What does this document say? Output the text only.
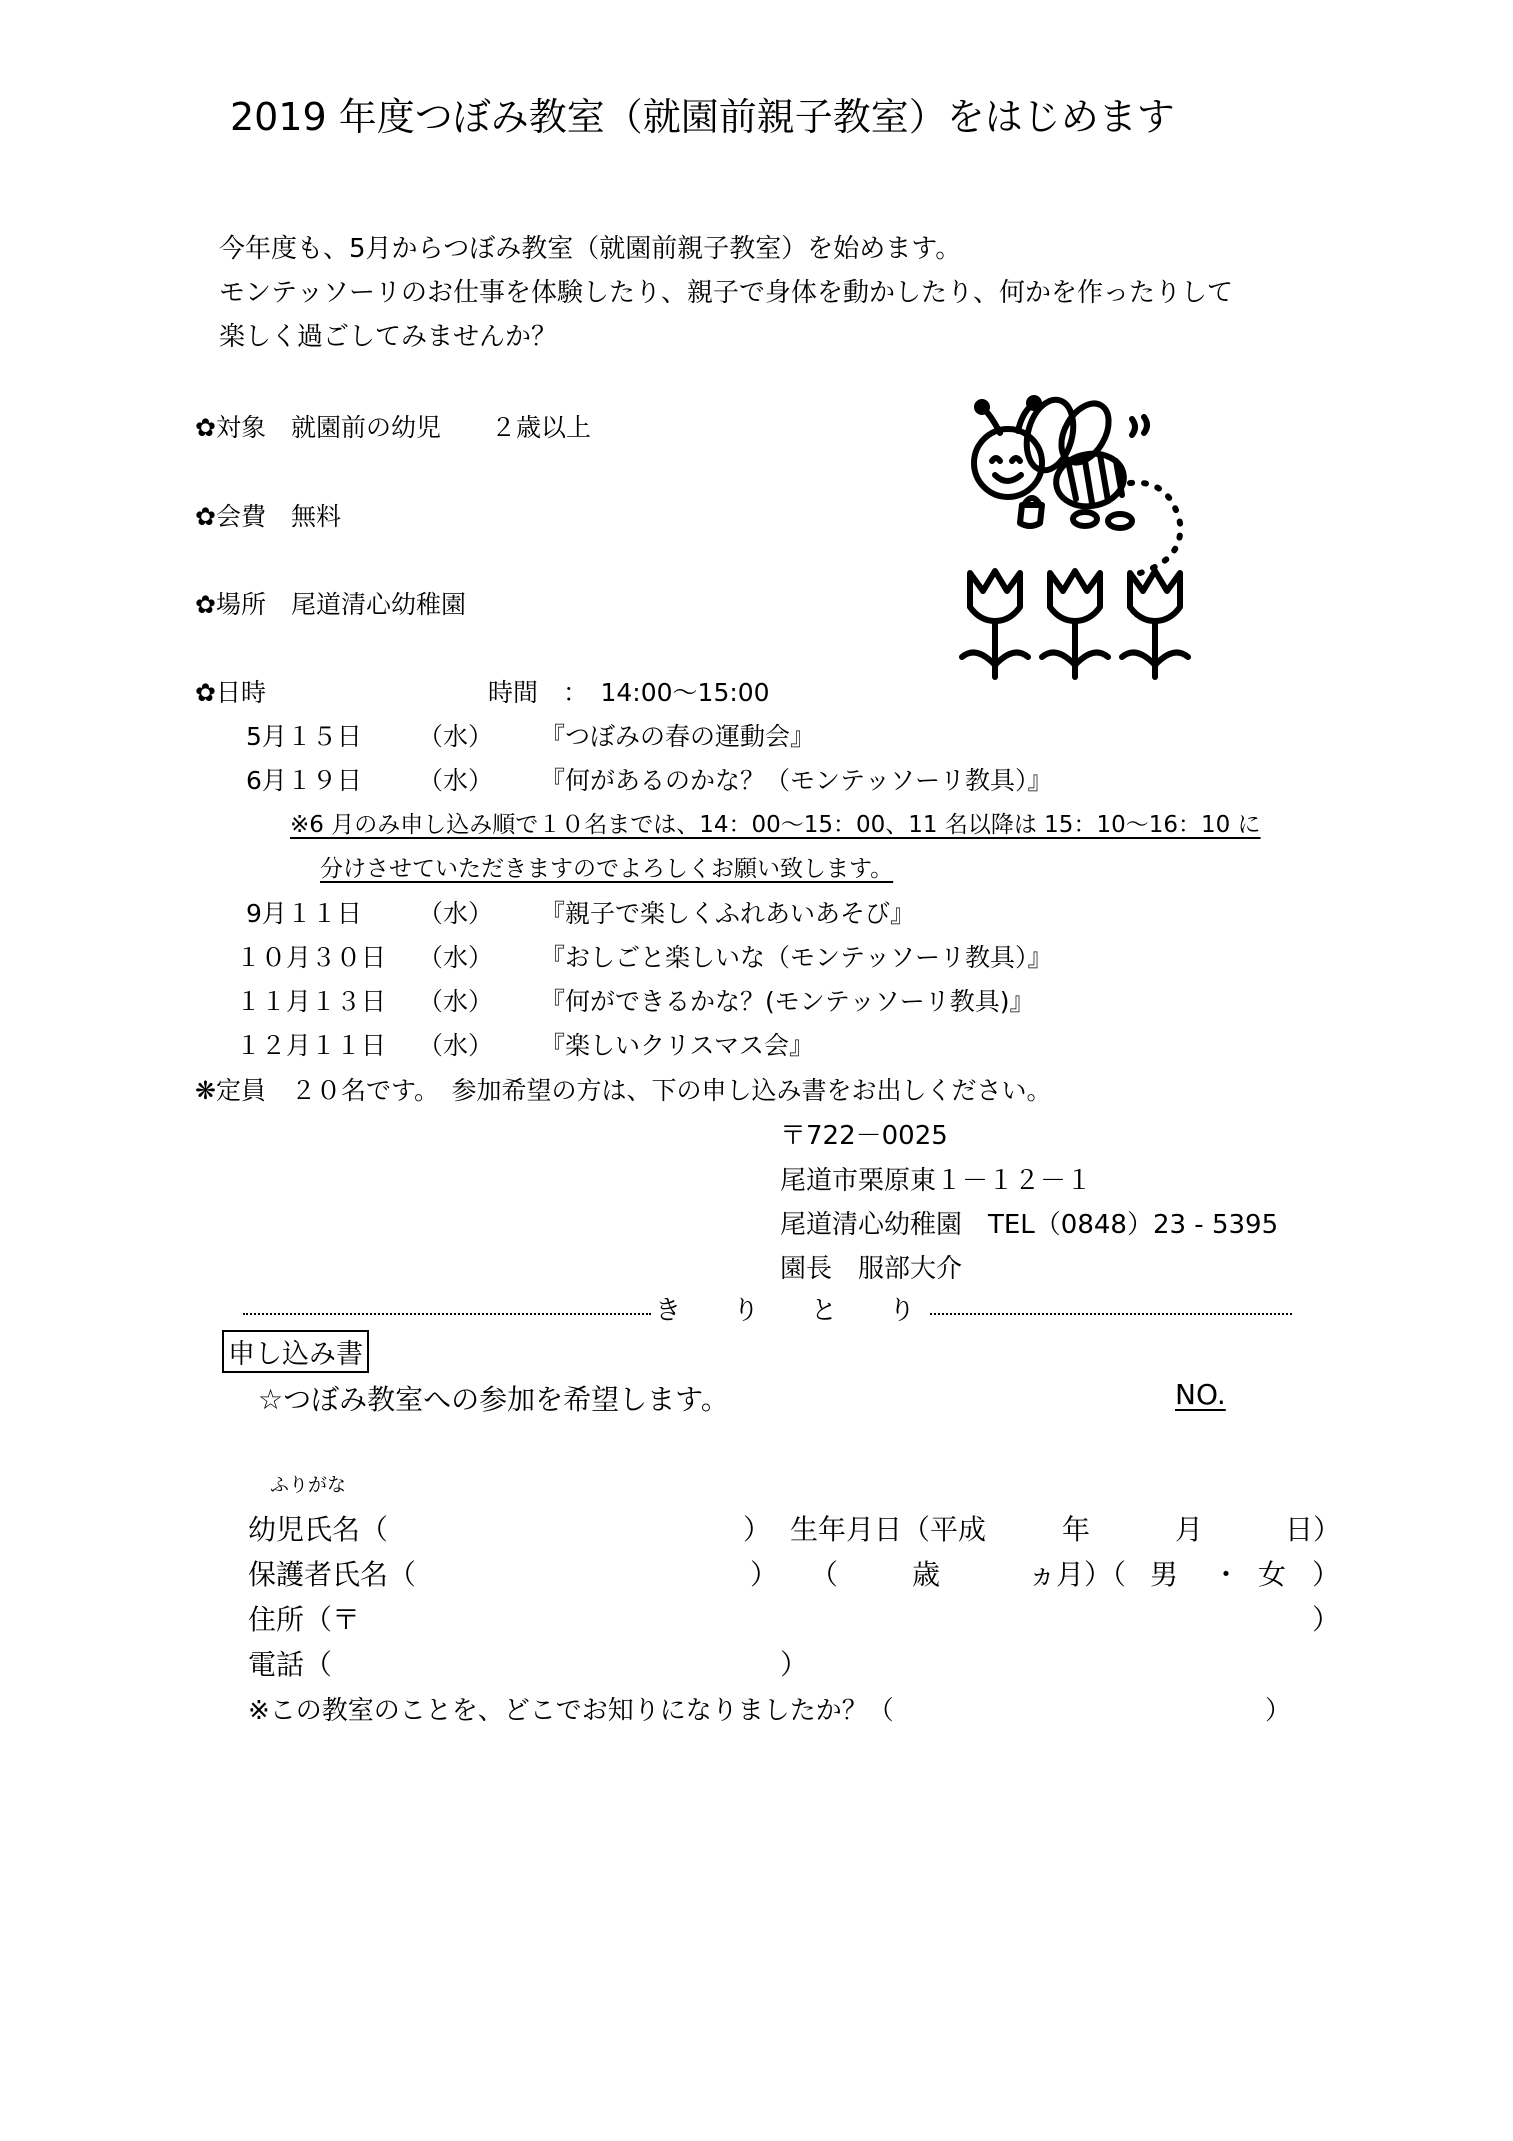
2019 年度つぼみ教室（就園前親子教室）をはじめます
今年度も、5月からつぼみ教室（就園前親子教室）を始めます。
モンテッソーリのお仕事を体験したり、親子で身体を動かしたり、何かを作ったりして
楽しく過ごしてみませんか？
✿対象　就園前の幼児　　２歳以上
✿会費　無料
✿場所　尾道清心幼稚園
✿日時	時間　：　14:00〜15:00
5月１５日 （水） 『つぼみの春の運動会』
6月１９日 （水） 『何があるのかな？（モンテッソーリ教具）』
※6 月のみ申し込み順で１０名までは、14：00〜15：00、11 名以降は 15：10〜16：10 に
分けさせていただきますのでよろしくお願い致します。
9月１１日 （水） 『親子で楽しくふれあいあそび』
１０月３０日 （水） 『おしごと楽しいな（モンテッソーリ教具）』
１１月１３日 （水） 『何ができるかな？(モンテッソーリ教具)』
１２月１１日 （水） 『楽しいクリスマス会』
❋定員　２０名です。　参加希望の方は、下の申し込み書をお出しください。
〒722－0025
尾道市栗原東１－１２－１
尾道清心幼稚園　TEL（0848）23 - 5395
園長　服部大介
き　　り　　と　　り
申し込み書
☆つぼみ教室への参加を希望します。	NO.
ふりがな
幼児氏名（	） 生年月日（平成	年	月	日）
保護者氏名（	） （	歳	ヵ月）（ 男 ・ 女 ）
住所（〒	）
電話（	）
※この教室のことを、どこでお知りになりましたか？（	）
